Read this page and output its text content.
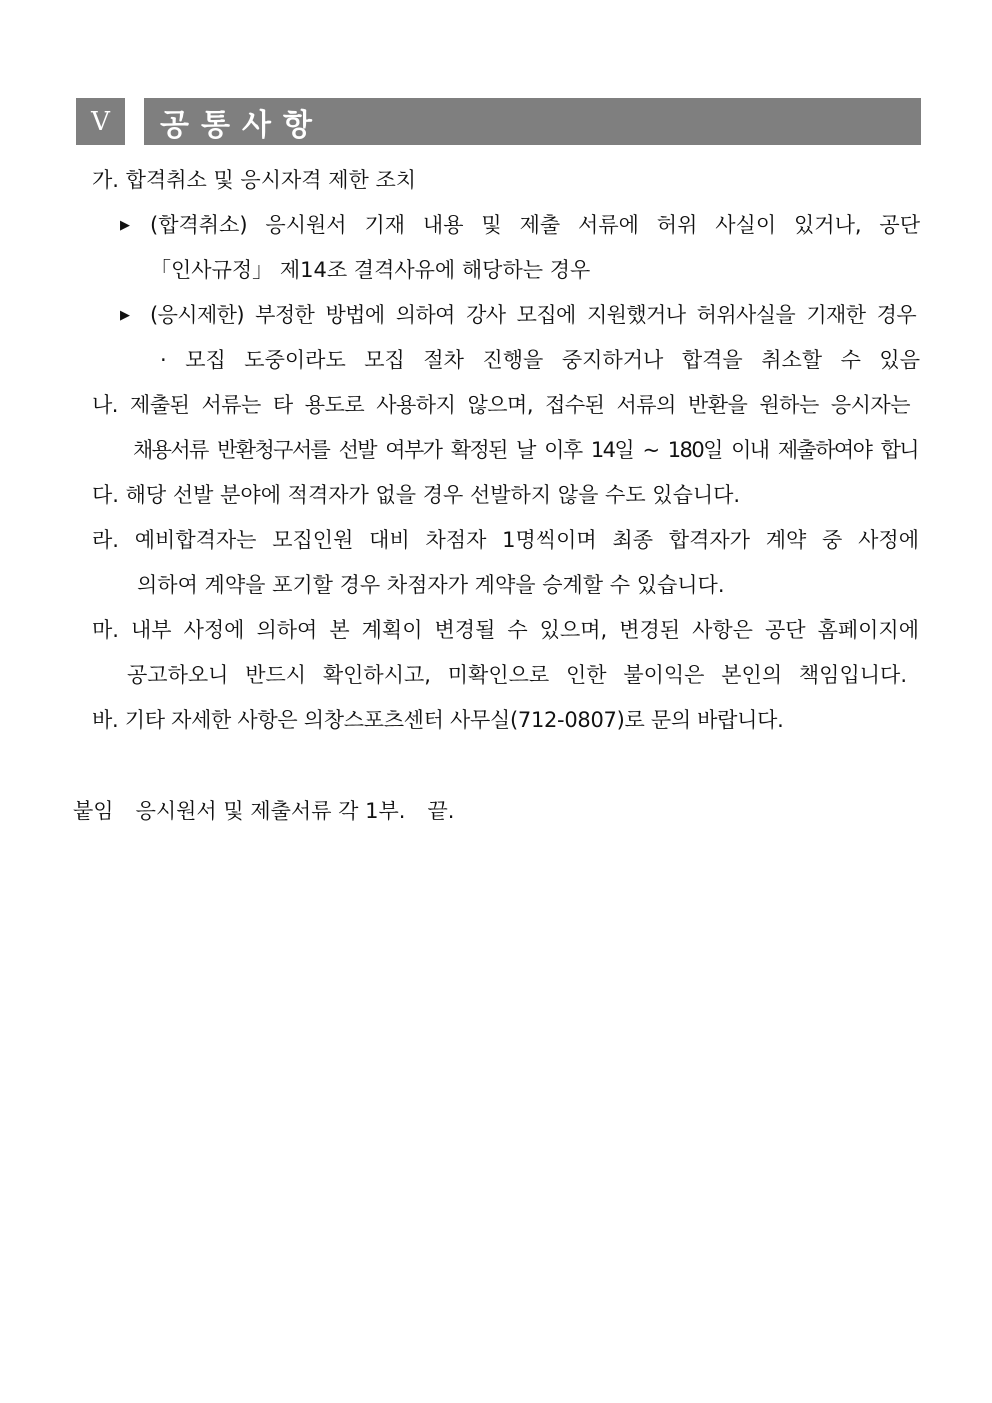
Ⅴ	공통사항
가. 합격취소 및 응시자격 제한 조치
▶ (합격취소) 응시원서 기재 내용 및 제출 서류에 허위 사실이 있거나, 공단
「인사규정」 제14조 결격사유에 해당하는 경우
▶ (응시제한) 부정한 방법에 의하여 강사 모집에 지원했거나 허위사실을 기재한 경우
· 모집 도중이라도 모집 절차 진행을 중지하거나 합격을 취소할 수 있음
나. 제출된 서류는 타 용도로 사용하지 않으며, 접수된 서류의 반환을 원하는 응시자는
채용서류 반환청구서를 선발 여부가 확정된 날 이후 14일 ~ 180일 이내 제출하여야 합니
다. 해당 선발 분야에 적격자가 없을 경우 선발하지 않을 수도 있습니다.
라. 예비합격자는 모집인원 대비 차점자 1명씩이며 최종 합격자가 계약 중 사정에
의하여 계약을 포기할 경우 차점자가 계약을 승계할 수 있습니다.
마. 내부 사정에 의하여 본 계획이 변경될 수 있으며, 변경된 사항은 공단 홈페이지에
공고하오니 반드시 확인하시고, 미확인으로 인한 불이익은 본인의 책임입니다.
바. 기타 자세한 사항은 의창스포츠센터 사무실(712-0807)로 문의 바랍니다.
붙임 응시원서 및 제출서류 각 1부. 끝.
